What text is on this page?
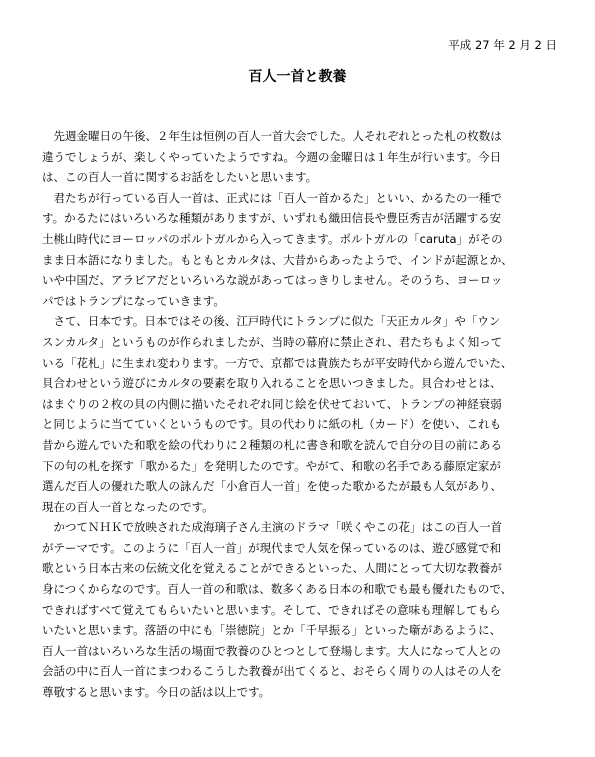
平成 27 年 2 月 2 日
百人一首と教養

先週金曜日の午後、２年生は恒例の百人一首大会でした。人それぞれとった札の枚数は
違うでしょうが、楽しくやっていたようですね。今週の金曜日は１年生が行います。今日
は、この百人一首に関するお話をしたいと思います。

君たちが行っている百人一首は、正式には「百人一首かるた」といい、かるたの一種で
す。かるたにはいろいろな種類がありますが、いずれも織田信長や豊臣秀吉が活躍する安
土桃山時代にヨーロッパのポルトガルから入ってきます。ポルトガルの「caruta」がその
まま日本語になりました。もともとカルタは、大昔からあったようで、インドが起源とか、
いや中国だ、アラビアだといろいろな説があってはっきりしません。そのうち、ヨーロッ
パではトランプになっていきます。

さて、日本です。日本ではその後、江戸時代にトランプに似た「天正カルタ」や「ウン
スンカルタ」というものが作られましたが、当時の幕府に禁止され、君たちもよく知って
いる「花札」に生まれ変わります。一方で、京都では貴族たちが平安時代から遊んでいた、
貝合わせという遊びにカルタの要素を取り入れることを思いつきました。貝合わせとは、
はまぐりの２枚の貝の内側に描いたそれぞれ同じ絵を伏せておいて、トランプの神経衰弱
と同じように当てていくというものです。貝の代わりに紙の札（カード）を使い、これも
昔から遊んでいた和歌を絵の代わりに２種類の札に書き和歌を読んで自分の目の前にある
下の句の札を探す「歌かるた」を発明したのです。やがて、和歌の名手である藤原定家が
選んだ百人の優れた歌人の詠んだ「小倉百人一首」を使った歌かるたが最も人気があり、
現在の百人一首となったのです。

かつてＮＨＫで放映された成海璃子さん主演のドラマ「咲くやこの花」はこの百人一首
がテーマです。このように「百人一首」が現代まで人気を保っているのは、遊び感覚で和
歌という日本古来の伝統文化を覚えることができるといった、人間にとって大切な教養が
身につくからなのです。百人一首の和歌は、数多くある日本の和歌でも最も優れたもので、
できればすべて覚えてもらいたいと思います。そして、できればその意味も理解してもら
いたいと思います。落語の中にも「崇徳院」とか「千早振る」といった噺があるように、
百人一首はいろいろな生活の場面で教養のひとつとして登場します。大人になって人との
会話の中に百人一首にまつわるこうした教養が出てくると、おそらく周りの人はその人を
尊敬すると思います。今日の話は以上です。
